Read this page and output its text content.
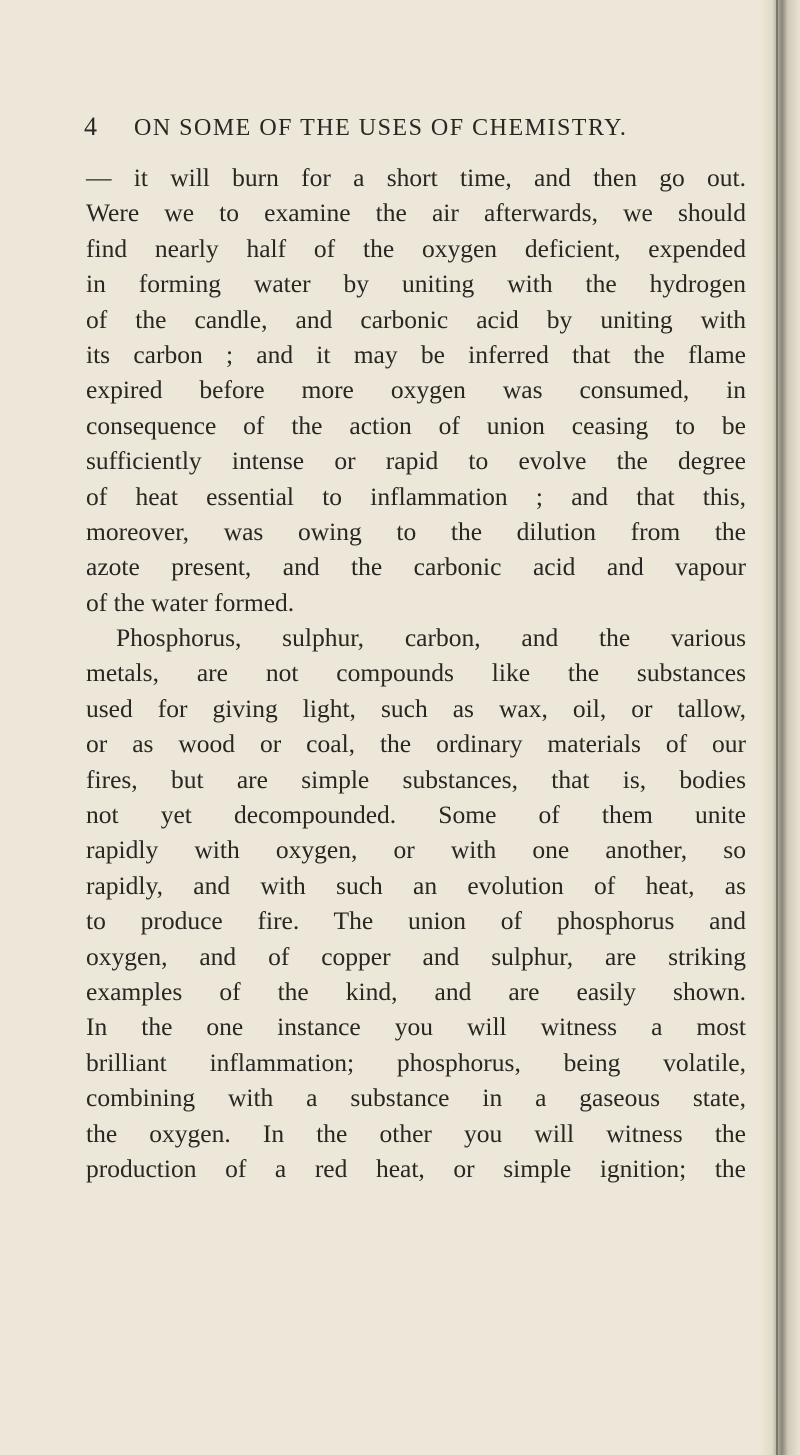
4	ON SOME OF THE USES OF CHEMISTRY.
— it will burn for a short time, and then go out.
Were we to examine the air afterwards, we should
find nearly half of the oxygen deficient, expended
in forming water by uniting with the hydrogen
of the candle, and carbonic acid by uniting with
its carbon ; and it may be inferred that the flame
expired before more oxygen was consumed, in
consequence of the action of union ceasing to be
sufficiently intense or rapid to evolve the degree
of heat essential to inflammation ; and that this,
moreover, was owing to the dilution from the
azote present, and the carbonic acid and vapour
of the water formed.
Phosphorus, sulphur, carbon, and the various
metals, are not compounds like the substances
used for giving light, such as wax, oil, or tallow,
or as wood or coal, the ordinary materials of our
fires, but are simple substances, that is, bodies
not yet decompounded. Some of them unite
rapidly with oxygen, or with one another, so
rapidly, and with such an evolution of heat, as
to produce fire. The union of phosphorus and
oxygen, and of copper and sulphur, are striking
examples of the kind, and are easily shown.
In the one instance you will witness a most
brilliant inflammation; phosphorus, being volatile,
combining with a substance in a gaseous state,
the oxygen. In the other you will witness the
production of a red heat, or simple ignition; the
